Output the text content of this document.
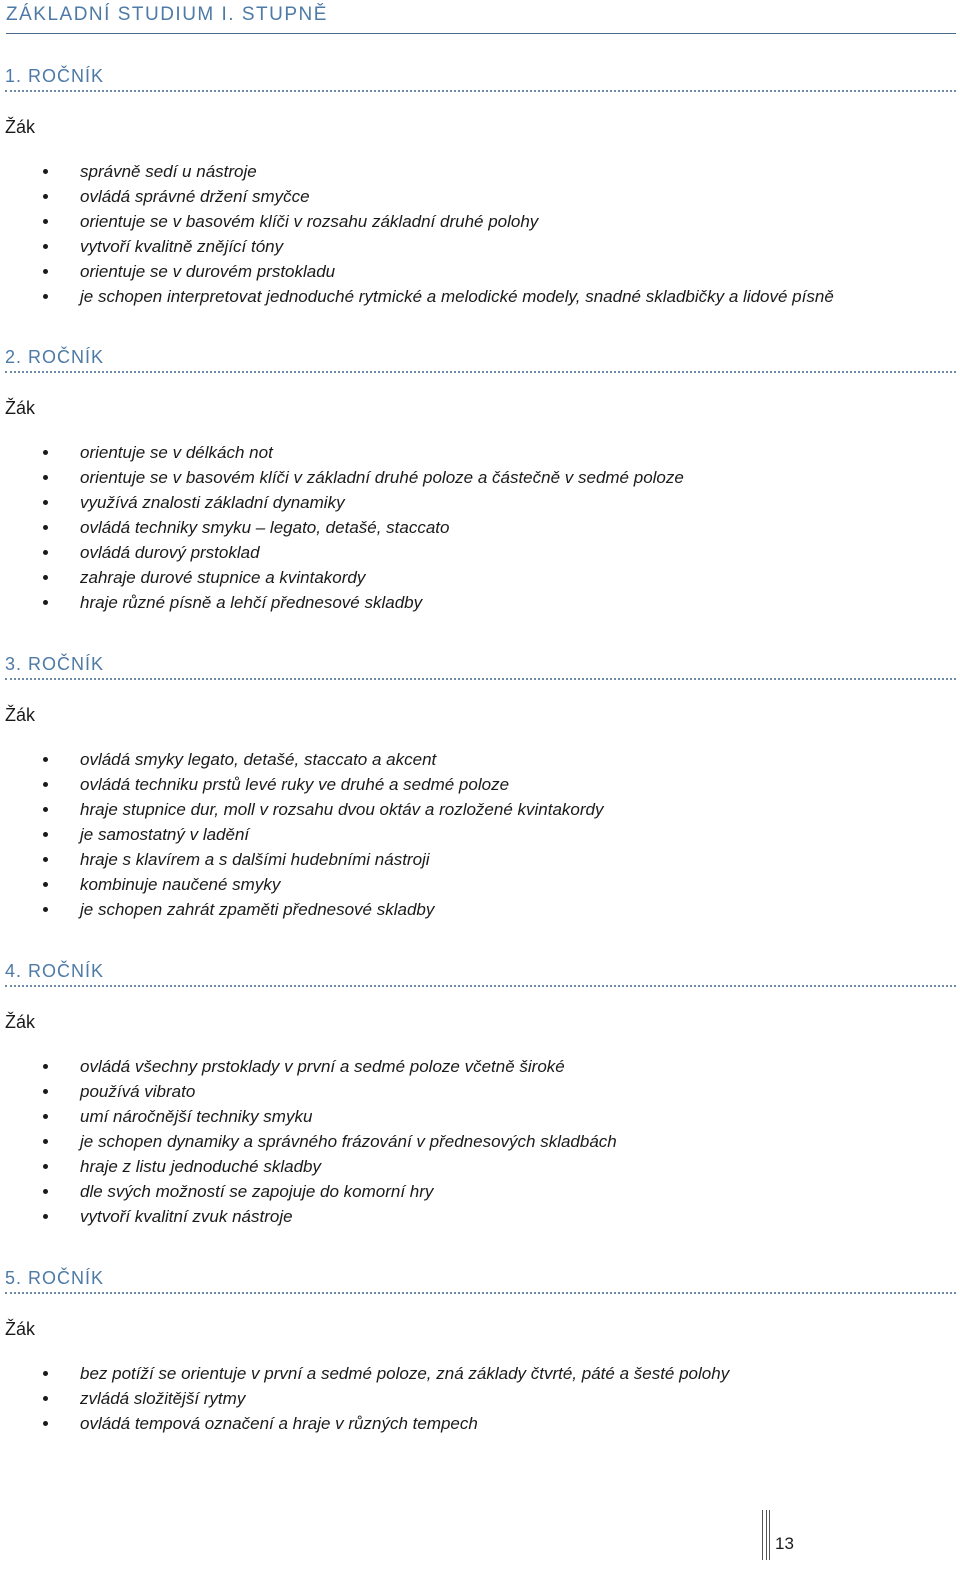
ZÁKLADNÍ STUDIUM I. STUPNĚ
1. ROČNÍK
Žák
správně sedí u nástroje
ovládá správné držení smyčce
orientuje se v basovém klíči v rozsahu základní druhé polohy
vytvoří kvalitně znějící tóny
orientuje se v durovém prstokladu
je schopen interpretovat jednoduché rytmické a melodické modely, snadné skladbičky a lidové písně
2. ROČNÍK
Žák
orientuje se v délkách not
orientuje se v basovém klíči v základní druhé poloze a částečně v sedmé poloze
využívá znalosti základní dynamiky
ovládá techniky smyku – legato, detašé, staccato
ovládá durový prstoklad
zahraje durové stupnice a kvintakordy
hraje různé písně a lehčí přednesové skladby
3. ROČNÍK
Žák
ovládá smyky legato, detašé, staccato a akcent
ovládá techniku prstů levé ruky ve druhé a sedmé poloze
hraje stupnice dur, moll v rozsahu dvou oktáv a rozložené kvintakordy
je samostatný v ladění
hraje s klavírem a s dalšími hudebními nástroji
kombinuje naučené smyky
je schopen zahrát zpaměti přednesové skladby
4. ROČNÍK
Žák
ovládá všechny prstoklady v první a sedmé poloze včetně široké
používá vibrato
umí náročnější techniky smyku
je schopen dynamiky a správného frázování v přednesových skladbách
hraje z listu jednoduché skladby
dle svých možností se zapojuje do komorní hry
vytvoří kvalitní zvuk nástroje
5. ROČNÍK
Žák
bez potíží se orientuje v první a sedmé poloze, zná základy čtvrté, páté a šesté polohy
zvládá složitější rytmy
ovládá tempová označení a hraje v různých tempech
13
